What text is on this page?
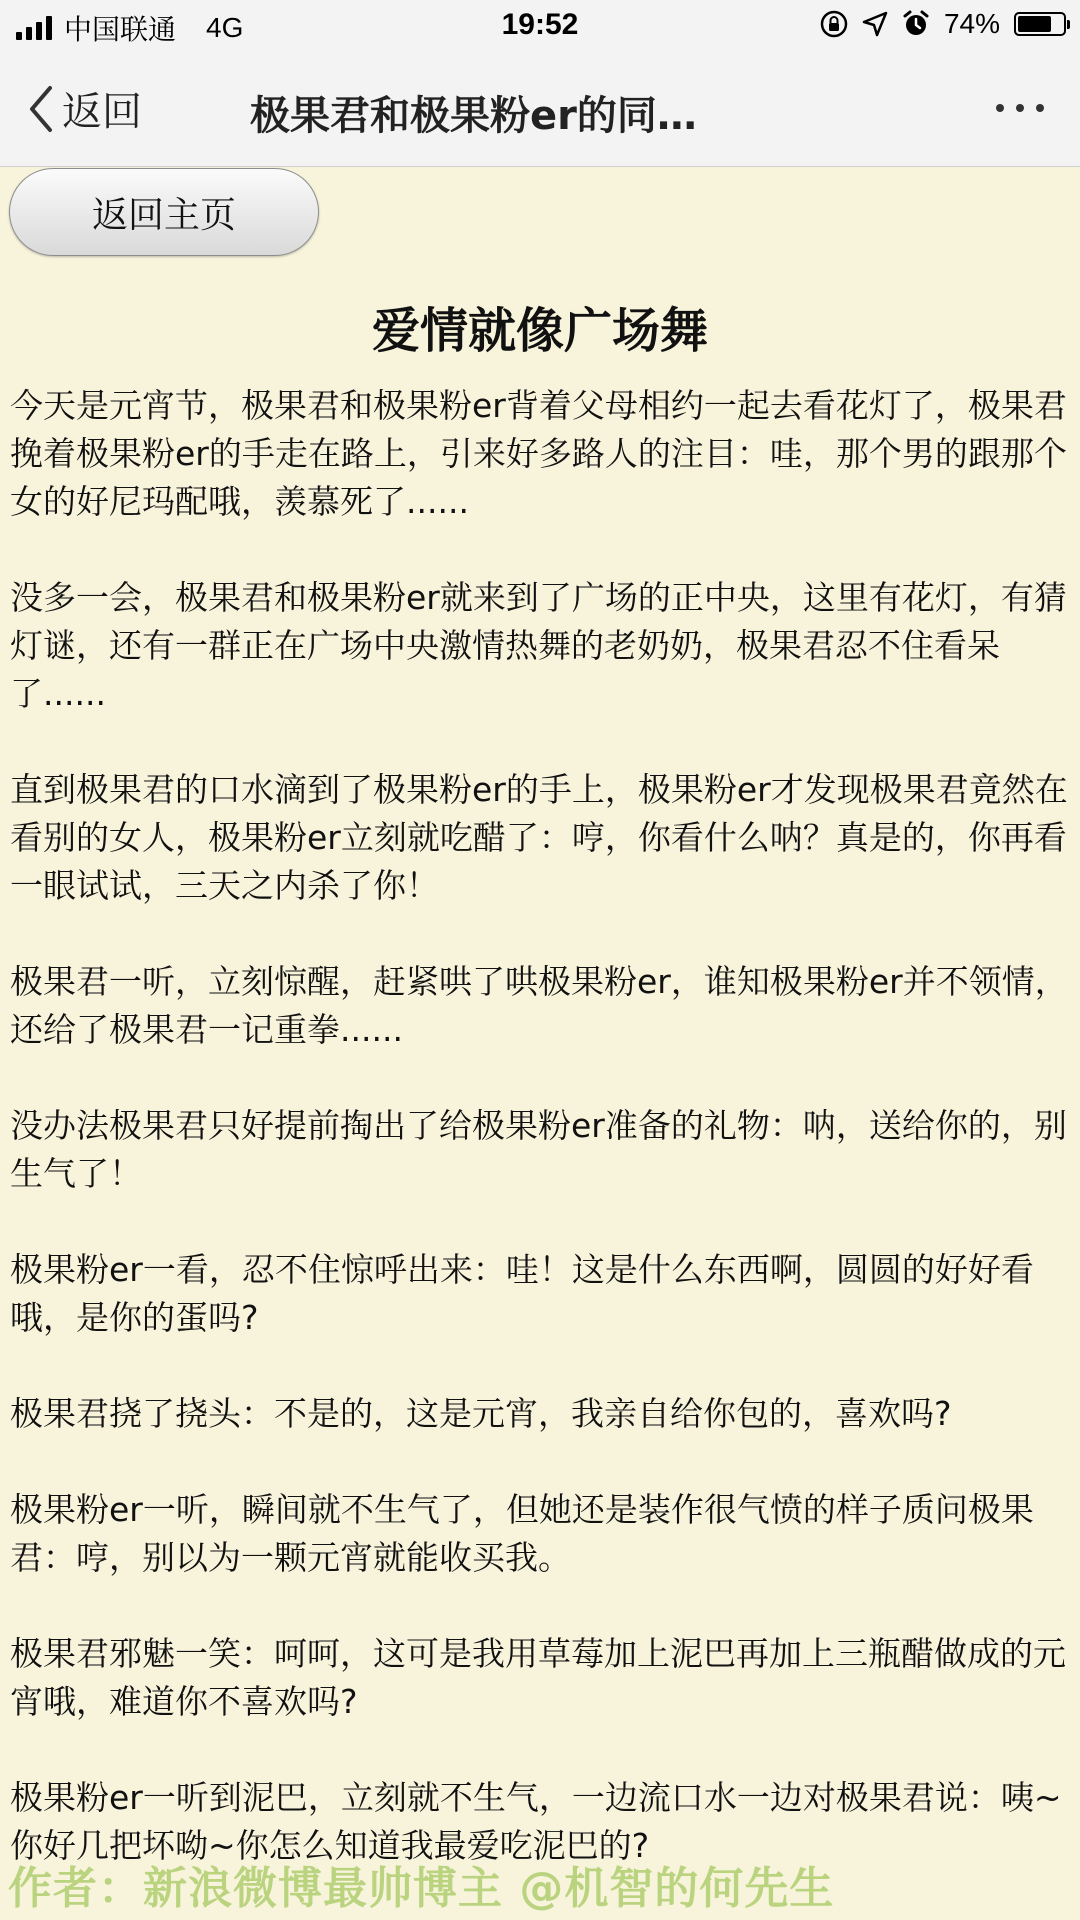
中国联通 4G	19:52	74%
返回	极果君和极果粉er的同…
返回主页
爱情就像广场舞

今天是元宵节，极果君和极果粉er背着父母相约一起去看花灯了，极果君挽着极果粉er的手走在路上，引来好多路人的注目：哇，那个男的跟那个女的好尼玛配哦，羡慕死了......

没多一会，极果君和极果粉er就来到了广场的正中央，这里有花灯，有猜灯谜，还有一群正在广场中央激情热舞的老奶奶，极果君忍不住看呆了......

直到极果君的口水滴到了极果粉er的手上，极果粉er才发现极果君竟然在看别的女人，极果粉er立刻就吃醋了：哼，你看什么呐？真是的，你再看一眼试试，三天之内杀了你！

极果君一听，立刻惊醒，赶紧哄了哄极果粉er，谁知极果粉er并不领情，还给了极果君一记重拳......

没办法极果君只好提前掏出了给极果粉er准备的礼物：呐，送给你的，别生气了！

极果粉er一看，忍不住惊呼出来：哇！这是什么东西啊，圆圆的好好看哦，是你的蛋吗?

极果君挠了挠头：不是的，这是元宵，我亲自给你包的，喜欢吗?

极果粉er一听，瞬间就不生气了，但她还是装作很气愤的样子质问极果君：哼，别以为一颗元宵就能收买我。

极果君邪魅一笑：呵呵，这可是我用草莓加上泥巴再加上三瓶醋做成的元宵哦，难道你不喜欢吗?

极果粉er一听到泥巴，立刻就不生气，一边流口水一边对极果君说：咦~你好几把坏呦~你怎么知道我最爱吃泥巴的?

作者：新浪微博最帅博主 @机智的何先生
